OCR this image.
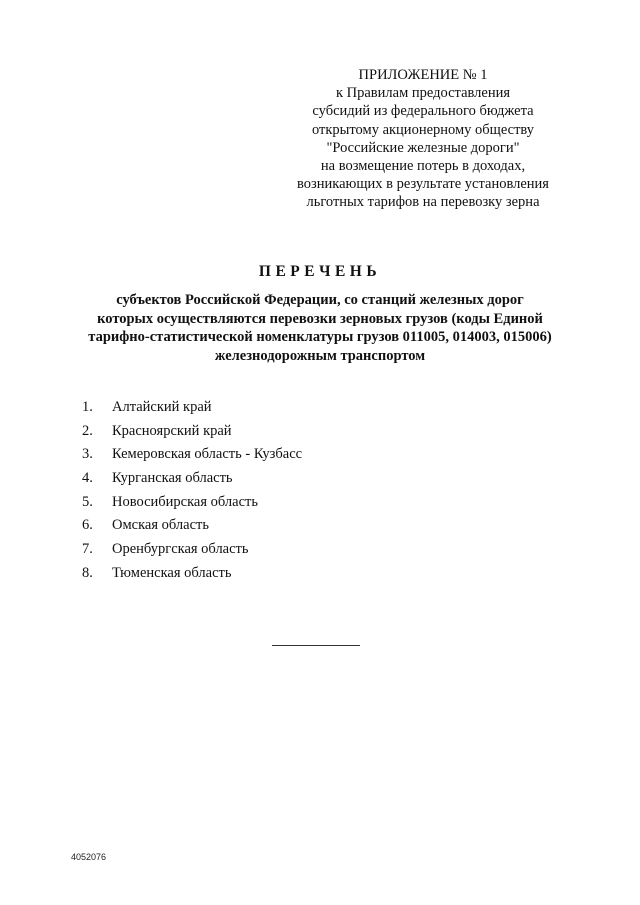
ПРИЛОЖЕНИЕ № 1
к Правилам предоставления
субсидий из федерального бюджета
открытому акционерному обществу
"Российские железные дороги"
на возмещение потерь в доходах,
возникающих в результате установления
льготных тарифов на перевозку зерна
ПЕРЕЧЕНЬ
субъектов Российской Федерации, со станций железных дорог
которых осуществляются перевозки зерновых грузов (коды Единой
тарифно-статистической номенклатуры грузов 011005, 014003, 015006)
железнодорожным транспортом
1. Алтайский край
2. Красноярский край
3. Кемеровская область - Кузбасс
4. Курганская область
5. Новосибирская область
6. Омская область
7. Оренбургская область
8. Тюменская область
4052076
